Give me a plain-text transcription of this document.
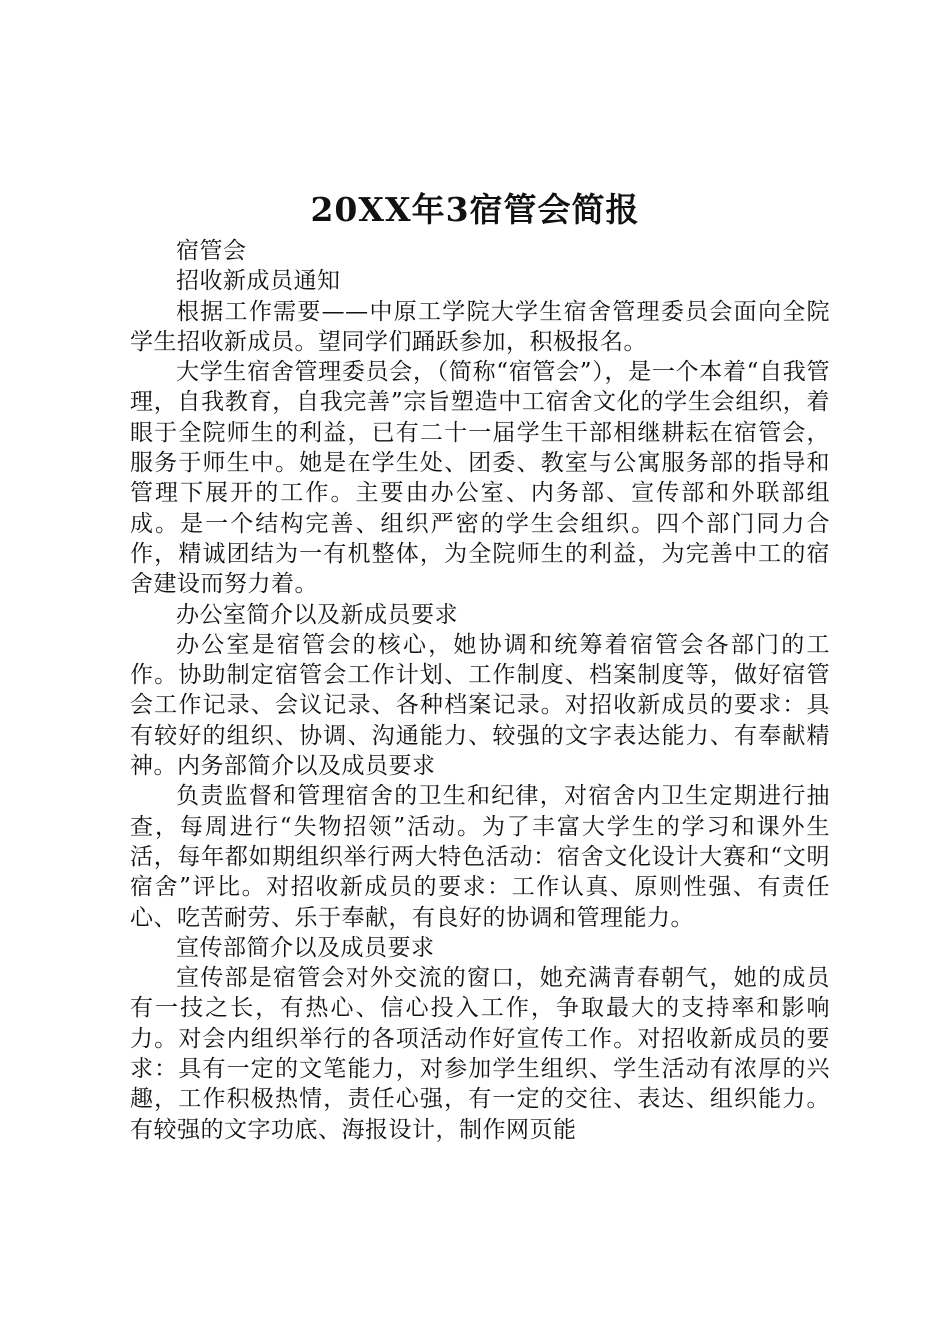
20XX年3宿管会简报

宿管会

招收新成员通知

根据工作需要——中原工学院大学生宿舍管理委员会面向全院学生招收新成员。望同学们踊跃参加，积极报名。

大学生宿舍管理委员会，（简称“宿管会”），是一个本着“自我管理，自我教育，自我完善”宗旨塑造中工宿舍文化的学生会组织，着眼于全院师生的利益，已有二十一届学生干部相继耕耘在宿管会，服务于师生中。她是在学生处、团委、教室与公寓服务部的指导和管理下展开的工作。主要由办公室、内务部、宣传部和外联部组成。是一个结构完善、组织严密的学生会组织。四个部门同力合作，精诚团结为一有机整体，为全院师生的利益，为完善中工的宿舍建设而努力着。

办公室简介以及新成员要求

办公室是宿管会的核心，她协调和统筹着宿管会各部门的工作。协助制定宿管会工作计划、工作制度、档案制度等，做好宿管会工作记录、会议记录、各种档案记录。对招收新成员的要求：具有较好的组织、协调、沟通能力、较强的文字表达能力、有奉献精神。内务部简介以及成员要求

负责监督和管理宿舍的卫生和纪律，对宿舍内卫生定期进行抽查，每周进行“失物招领”活动。为了丰富大学生的学习和课外生活，每年都如期组织举行两大特色活动：宿舍文化设计大赛和“文明宿舍”评比。对招收新成员的要求：工作认真、原则性强、有责任心、吃苦耐劳、乐于奉献，有良好的协调和管理能力。

宣传部简介以及成员要求

宣传部是宿管会对外交流的窗口，她充满青春朝气，她的成员有一技之长，有热心、信心投入工作，争取最大的支持率和影响力。对会内组织举行的各项活动作好宣传工作。对招收新成员的要求：具有一定的文笔能力，对参加学生组织、学生活动有浓厚的兴趣，工作积极热情，责任心强，有一定的交往、表达、组织能力。有较强的文字功底、海报设计，制作网页能
